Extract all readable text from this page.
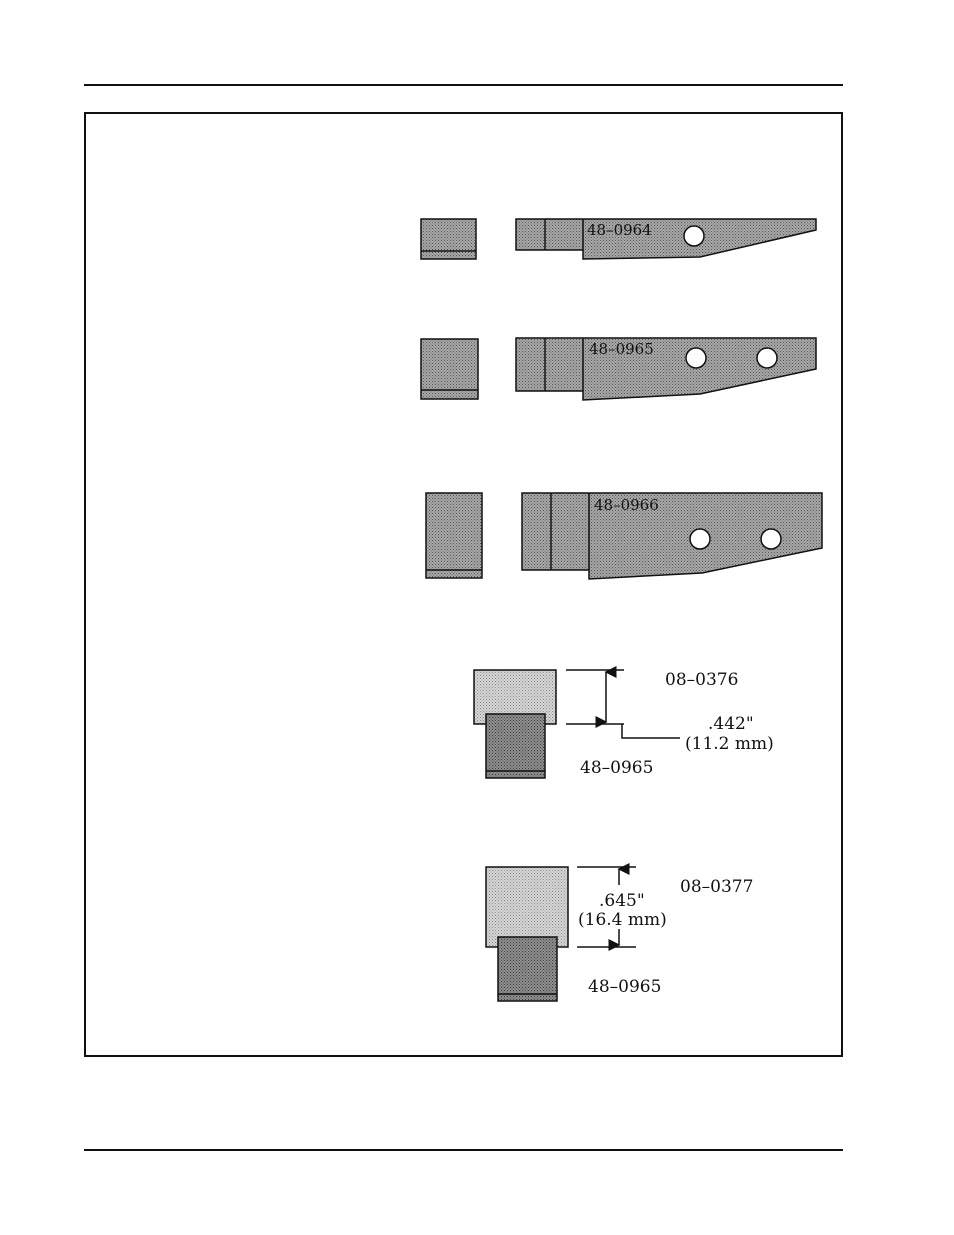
48–0964
48–0965
48–0966
08–0376
.442"
(11.2 mm)
48–0965
08–0377
.645"
(16.4 mm)
48–0965
